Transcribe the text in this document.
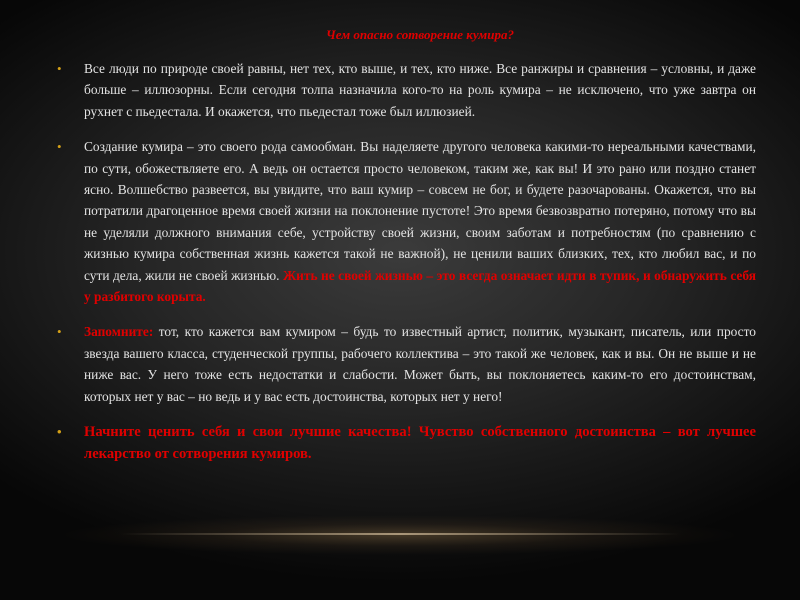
Чем опасно сотворение кумира?
• Все люди по природе своей равны, нет тех, кто выше, и тех, кто ниже. Все ранжиры и сравнения – условны, и даже больше – иллюзорны. Если сегодня толпа назначила кого-то на роль кумира – не исключено, что уже завтра он рухнет с пьедестала. И окажется, что пьедестал тоже был иллюзией.
• Создание кумира – это своего рода самообман. Вы наделяете другого человека какими-то нереальными качествами, по сути, обожествляете его. А ведь он остается просто человеком, таким же, как вы! И это рано или поздно станет ясно. Волшебство развеется, вы увидите, что ваш кумир – совсем не бог, и будете разочарованы. Окажется, что вы потратили драгоценное время своей жизни на поклонение пустоте! Это время безвозвратно потеряно, потому что вы не уделяли должного внимания себе, устройству своей жизни, своим заботам и потребностям (по сравнению с жизнью кумира собственная жизнь кажется такой не важной), не ценили ваших близких, тех, кто любил вас, и по сути дела, жили не своей жизнью. Жить не своей жизнью – это всегда означает идти в тупик, и обнаружить себя у разбитого корыта.
• Запомните: тот, кто кажется вам кумиром – будь то известный артист, политик, музыкант, писатель, или просто звезда вашего класса, студенческой группы, рабочего коллектива – это такой же человек, как и вы. Он не выше и не ниже вас. У него тоже есть недостатки и слабости. Может быть, вы поклоняетесь каким-то его достоинствам, которых нет у вас – но ведь и у вас есть достоинства, которых нет у него!
• Начните ценить себя и свои лучшие качества! Чувство собственного достоинства – вот лучшее лекарство от сотворения кумиров.
